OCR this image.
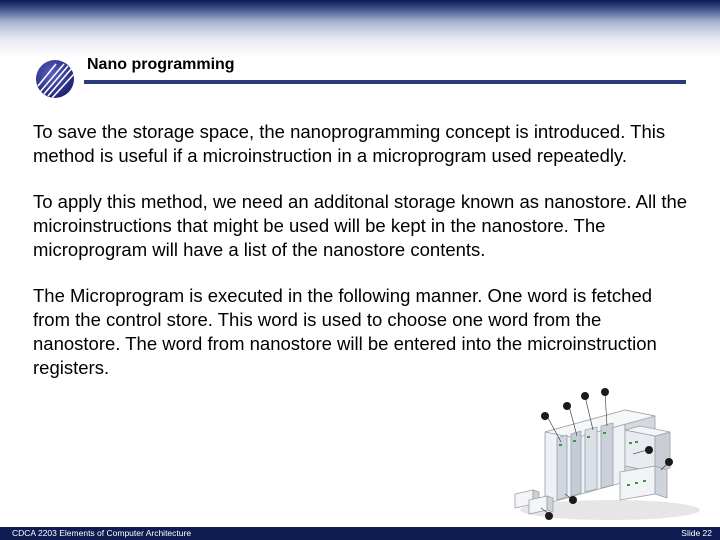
Nano programming

To save the storage space, the nanoprogramming concept is introduced. This method is useful if a microinstruction in a microprogram used repeatedly.

To apply this method, we need an additonal storage known as nanostore. All the microinstructions that might be used will be kept in the nanostore. The microprogram will have a list of the nanostore contents.

The Microprogram is executed in the following manner. One word is fetched from the control store. This word is used to choose one word from the nanostore. The word from nanostore will be entered into the microinstruction registers.

CDCA 2203 Elements of Computer Architecture	Slide 22
